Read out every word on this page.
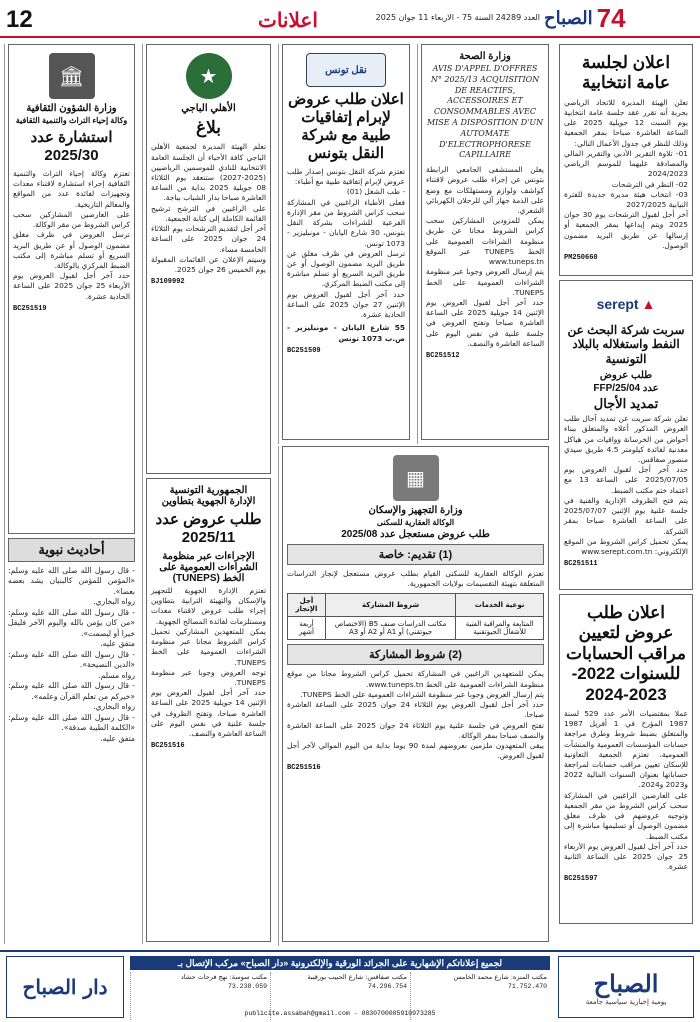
12	اعلانات	العدد 24289 السنة 75 - الاربعاء 11 جوان 2025 الصباح 74
اعلان لجلسة عامة انتخابية
تعلن الهيئة المديرة للاتحاد الرياضي بجربة أنه تقرر عقد جلسة عامة انتخابية يوم السبت 12 جويلية 2025 على الساعة العاشرة صباحا بمقر الجمعية وذلك للنظر في جدول الأعمال التالي:
01- تلاوة التقرير الأدبي والتقرير المالي والمصادقة عليهما للموسم الرياضي 2024/2023
02- النظر في الترشحات
03- انتخاب هيئة مديرة جديدة للفترة النيابية 2027/2025
آخر أجل لقبول الترشحات يوم 30 جوان 2025 ويتم إيداعها بمقر الجمعية أو إرسالها عن طريق البريد مضمون الوصول.
PM250660
▲
serept
سربت شركة البحث عن النفط واستغلاله بالبلاد التونسية
طلب عروض
عدد FFP/25/04
تمديد الأجال
تعلن شركة سربت عن تمديد آجال طلب العروض المذكور أعلاه والمتعلق ببناء أحواض من الخرسانة وواقيات من هياكل معدنية لفائدة كيلومتر 4.5 طريق سيدي منصور صفاقس.
حدد آخر أجل لقبول العروض يوم 2025/07/05 على الساعة 13 مع اعتماد ختم مكتب الضبط.
يتم فتح الظروف الإدارية والفنية في جلسة علنية يوم الإثنين 2025/07/07 على الساعة العاشرة صباحا بمقر الشركة.
يمكن تحميل كراس الشروط من الموقع الإلكتروني: www.serept.com.tn
BC251511
اعلان طلب عروض لتعيين مراقب الحسابات للسنوات 2022-2023-2024
عملا بمقتضيات الأمر عدد 529 لسنة 1987 المؤرخ في 1 أفريل 1987 والمتعلق بضبط شروط وطرق مراجعة حسابات المؤسسات العمومية والمنشآت العمومية، تعتزم الجمعية التعاونية للإسكان تعيين مراقب حسابات لمراجعة حساباتها بعنوان السنوات المالية 2022 و2023 و2024.
على العارضين الراغبين في المشاركة سحب كراس الشروط من مقر الجمعية وتوجيه عروضهم في ظرف مغلق مضمون الوصول أو تسليمها مباشرة إلى مكتب الضبط.
حدد آخر أجل لقبول العروض يوم الأربعاء 25 جوان 2025 على الساعة الثانية عشرة.
BC251597
وزارة الصحة
AVIS D'APPEL D'OFFRES N° 2025/13 ACQUISITION DE REACTIFS, ACCESSOIRES ET CONSOMMABLES AVEC MISE A DISPOSITION D'UN AUTOMATE D'ELECTROPHORESE CAPILLAIRE
يعلن المستشفى الجامعي الرابطة بتونس عن إجراء طلب عروض لاقتناء كواشف ولوازم ومستهلكات مع وضع على الذمة جهاز آلي للرحلان الكهربائي الشعري.
يمكن للمزودين المشاركين سحب كراس الشروط مجانا عن طريق منظومة الشراءات العمومية على الخط TUNEPS عبر الموقع www.tuneps.tn
يتم إرسال العروض وجوبا عبر منظومة الشراءات العمومية على الخط TUNEPS.
حدد آخر أجل لقبول العروض يوم الإثنين 14 جويلية 2025 على الساعة العاشرة صباحا وتفتح العروض في جلسة علنية في نفس اليوم على الساعة العاشرة والنصف.
BC251512
نقل تونس
اعلان طلب عروض لإبرام إتفاقيات طبية مع شركة النقل بتونس
تعتزم شركة النقل بتونس إصدار طلب عروض لإبرام إتفاقية طبية مع أطباء:
- طب الشغل (01)
فعلى الأطباء الراغبين في المشاركة سحب كراس الشروط من مقر الإدارة الفرعية للشراءات بشركة النقل بتونس، 30 شارع اليابان - مونبليزير - 1073 تونس.
ترسل العروض في ظرف مغلق عن طريق البريد مضمون الوصول أو عن طريق البريد السريع أو تسلم مباشرة إلى مكتب الضبط المركزي.
حدد آخر أجل لقبول العروض يوم الإثنين 27 جوان 2025 على الساعة الحادية عشرة.
55 شارع اليابان - مونبليزير - ص.ب 1073 تونس
BC251509
★
الأهلي الباجي
بلاغ
تعلم الهيئة المديرة لجمعية الأهلي الباجي كافة الأحباء أن الجلسة العامة الانتخابية للنادي للموسمين الرياضيين (2025-2027) ستنعقد يوم الثلاثاء 08 جويلية 2025 بداية من الساعة العاشرة صباحا بدار الشباب بباجة.
على الراغبين في الترشح ترشيح القائمة الكاملة إلى كتابة الجمعية.
آخر أجل لتقديم الترشحات يوم الثلاثاء 24 جوان 2025 على الساعة الخامسة مساء.
وسيتم الإعلان عن القائمات المقبولة يوم الخميس 26 جوان 2025.
BJ109992
الجمهورية التونسية
الإدارة الجهوية بتطاوين
طلب عروض عدد 2025/11
الإجراءات عبر منظومة الشراءات العمومية على الخط (TUNEPS)
تعتزم الإدارة الجهوية للتجهيز والإسكان والتهيئة الترابية بتطاوين إجراء طلب عروض لاقتناء معدات ومستلزمات لفائدة المصالح الجهوية.
يمكن للمتعهدين المشاركين تحميل كراس الشروط مجانا عبر منظومة الشراءات العمومية على الخط TUNEPS.
توجه العروض وجوبا عبر منظومة TUNEPS.
حدد آخر أجل لقبول العروض يوم الإثنين 14 جويلية 2025 على الساعة العاشرة صباحا، وتفتح الظروف في جلسة علنية في نفس اليوم على الساعة العاشرة والنصف.
BC251516
🏛
وزارة الشؤون الثقافية
وكالة إحياء التراث والتنمية الثقافية
استشارة عدد 2025/30
تعتزم وكالة إحياء التراث والتنمية الثقافية إجراء استشارة لاقتناء معدات وتجهيزات لفائدة عدد من المواقع والمعالم التاريخية.
على العارضين المشاركين سحب كراس الشروط من مقر الوكالة.
ترسل العروض في ظرف مغلق مضمون الوصول أو عن طريق البريد السريع أو تسلم مباشرة إلى مكتب الضبط المركزي بالوكالة.
حدد آخر أجل لقبول العروض يوم الأربعاء 25 جوان 2025 على الساعة الحادية عشرة.
BC251519
أحاديث نبوية
- قال رسول الله صلى الله عليه وسلم: «المؤمن للمؤمن كالبنيان يشد بعضه بعضا».
رواه البخاري.
- قال رسول الله صلى الله عليه وسلم: «من كان يؤمن بالله واليوم الآخر فليقل خيرا أو ليصمت».
متفق عليه.
- قال رسول الله صلى الله عليه وسلم: «الدين النصيحة».
رواه مسلم.
- قال رسول الله صلى الله عليه وسلم: «خيركم من تعلم القرآن وعلمه».
رواه البخاري.
- قال رسول الله صلى الله عليه وسلم: «الكلمة الطيبة صدقة».
متفق عليه.
▦
وزارة التجهيز والإسكان
الوكالة العقارية للسكنى
طلب عروض مستعجل عدد 2025/08
(1) تقديم: خاصة
تعتزم الوكالة العقارية للسكنى القيام بطلب عروض مستعجل لإنجاز الدراسات المتعلقة بتهيئة التقسيمات بولايات الجمهورية.
نوعية الخدمات	شروط المشاركة	أجل الإنجاز
المتابعة والمراقبة الفنية للأشغال الجيوتقنية	مكاتب الدراسات صنف B5 (الاختصاص جيوتقني) أو A1 أو A2 أو A3	أربعة أشهر
(2) شروط المشاركة
يمكن للمتعهدين الراغبين في المشاركة تحميل كراس الشروط مجانا من موقع منظومة الشراءات العمومية على الخط www.tuneps.tn.
يتم إرسال العروض وجوبا عبر منظومة الشراءات العمومية على الخط TUNEPS.
حدد آخر أجل لقبول العروض يوم الثلاثاء 24 جوان 2025 على الساعة العاشرة صباحا.
تفتح العروض في جلسة علنية يوم الثلاثاء 24 جوان 2025 على الساعة العاشرة والنصف صباحا بمقر الوكالة.
يبقى المتعهدون ملزمين بعروضهم لمدة 90 يوما بداية من اليوم الموالي لآخر أجل لقبول العروض.
BC251516
الصباح
يومية إخبارية سياسية جامعة
لجميع إعلاناتكم الإشهارية على الجرائد الورقية والإلكترونية «دار الصباح» مركب الإتصال بـ
مكتب المنزه: شارع محمد الخامس
71.752.470
مكتب صفاقس: شارع الحبيب بورقيبة
74.296.754
مكتب سوسة: نهج فرحات حشاد
73.238.059
publicite.assabah@gmail.com - 0830700005910973285
دار الصباح
